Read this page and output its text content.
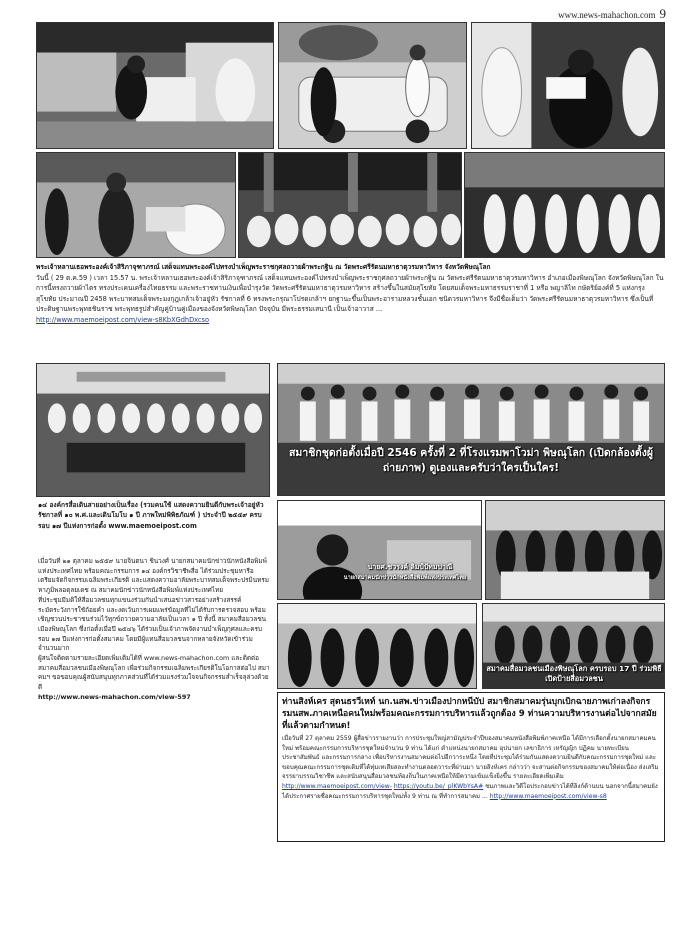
www.news-mahachon.com 9
พระเจ้าหลานเธอพระองค์เจ้าสิริภาจุฑาภรณ์ เสด็จแทนพระองค์ไปทรงบำเพ็ญพระราชกุศลถวายผ้าพระกฐิน ณ วัดพระศรีรัตนมหาธาตุวรมหาวิหาร จังหวัดพิษณุโลก
วันนี้ ( 29 ต.ค.59 ) เวลา 15.57 น. พระเจ้าหลานเธอพระองค์เจ้าสิริภาจุฑาภรณ์ เสด็จแทนพระองค์ไปทรงบำเพ็ญพระราชกุศลถวายผ้าพระกฐิน ณ วัดพระศรีรัตนมหาธาตุวรมหาวิหาร อำเภอเมืองพิษณุโลก จังหวัดพิษณุโลก ในการนี้ทรงถวายผ้าไตร ทรงประเคนเครื่องไทยธรรม และพระราชทานเงินเพื่อบำรุงวัด วัดพระศรีรัตนมหาธาตุวรมหาวิหาร สร้างขึ้นในสมัยสุโขทัย โดยสมเด็จพระมหาธรรมราชาที่ 1 หรือ พญาลิไท กษัตริย์องค์ที่ 5 แห่งกรุงสุโขทัย ประมาณปี 2458 พระบาทสมเด็จพระมงกุฎเกล้าเจ้าอยู่หัว รัชกาลที่ 6 ทรงพระกรุณาโปรดเกล้าฯ ยกฐานะขึ้นเป็นพระอารามหลวงชั้นเอก ชนิดวรมหาวิหาร จึงมีชื่อเต็มว่า วัดพระศรีรัตนมหาธาตุวรมหาวิหาร ซึ่งเป็นที่ประดิษฐานพระพุทธชินราช พระพุทธรูปสำคัญคู่บ้านคู่เมืองของจังหวัดพิษณุโลก ปัจจุบัน มีพระธรรมเสนานี เป็นเจ้าอาวาส ...
http://www.maemoeipost.com/view-s8KbXGdhDxcso
สมาชิกชุดก่อตั้งเมื่อปี 2546 ครั้งที่ 2 ที่โรงแรมพาโวม่า พิษณุโลก (เปิดกล้องตั้งผู้ถ่ายภาพ) ดูเองและครับว่าใครเป็นใคร!
๑๔ องค์กรสื่อเดินสายอย่างเป็นเรื่อง (รวมคนใช้ แสดงความยินดีกับพระเจ้าอยู่หัวรัชกาลที่ ๑๐ พ.ศ.และเดินโมโบ ๑ ปี ภาพใหม่พิพิธภัณฑ์ ) ประจำปี ๒๕๕๙ ครบรอบ ๑๗ ปีแห่งการก่อตั้ง www.maemoeipost.com
เมื่อวันที่ ๒๑ ตุลาคม ๒๕๕๙ นายจินตนา ชินวงศ์ นายกสมาคมนักข่าวนักหนังสือพิมพ์แห่งประเทศไทย พร้อมคณะกรรมการ ๑๔ องค์กรวิชาชีพสื่อ ได้ร่วมประชุมหารือเตรียมจัดกิจกรรมเฉลิมพระเกียรติ และแสดงความอาลัยพระบาทสมเด็จพระปรมินทรมหาภูมิพลอดุลยเดช ณ สมาคมนักข่าวนักหนังสือพิมพ์แห่งประเทศไทย
ที่ประชุมมีมติให้สื่อมวลชนทุกแขนงร่วมกันนำเสนอข่าวสารอย่างสร้างสรรค์ ระมัดระวังการใช้ถ้อยคำ และงดเว้นการเผยแพร่ข้อมูลที่ไม่ได้รับการตรวจสอบ พร้อมเชิญชวนประชาชนร่วมไว้ทุกข์ถวายความอาลัยเป็นเวลา ๑ ปี ทั้งนี้ สมาคมสื่อมวลชนเมืองพิษณุโลก ซึ่งก่อตั้งเมื่อปี ๒๕๔๖ ได้ร่วมเป็นเจ้าภาพจัดงานบำเพ็ญกุศลและครบรอบ ๑๗ ปีแห่งการก่อตั้งสมาคม โดยมีผู้แทนสื่อมวลชนจากหลายจังหวัดเข้าร่วมจำนวนมาก
ผู้สนใจติดตามรายละเอียดเพิ่มเติมได้ที่ www.news-mahachon.com และติดต่อสมาคมสื่อมวลชนเมืองพิษณุโลก เพื่อร่วมกิจกรรมเฉลิมพระเกียรติในโอกาสต่อไป สมาคมฯ ขอขอบคุณผู้สนับสนุนทุกภาคส่วนที่ได้ร่วมแรงร่วมใจจนกิจกรรมสำเร็จลุล่วงด้วยดี
http://www.news-mahachon.com/view-597
นายศ.ชวรงค์ ลิมป์ปัทมปาณี
นายกสมาคมนักข่าวนักหนังสือพิมพ์แห่งประเทศไทย
สมาคมสื่อมวลชนเมืองพิษณุโลก ครบรอบ 17 ปี ร่วมพิธีเปิดป้ายสื่อมวลชน
ท่านสิงห์เคร สุดนธรวีเหท์ นก.นสพ.ข่าวเมืองปากหนีบัป สมาชิกสมาคมรุ่นบุกเบิกฉายภาพเก่าลงกิจกรรมนสพ.ภาคเหนือคนใหม่พร้อมคณะกรรมการบริหารแล้วถูกต้อง 9 ท่านความบริหารงานต่อไปจากสมัยที่แล้วตามกำหนด!
เมื่อวันที่ 27 ตุลาคม 2559 ผู้สื่อข่าวรายงานว่า การประชุมใหญ่สามัญประจำปีของสมาคมหนังสือพิมพ์ภาคเหนือ ได้มีการเลือกตั้งนายกสมาคมคนใหม่ พร้อมคณะกรรมการบริหารชุดใหม่จำนวน 9 ท่าน ได้แก่ ตำแหน่งนายกสมาคม อุปนายก เลขาธิการ เหรัญญิก ปฏิคม นายทะเบียน ประชาสัมพันธ์ และกรรมการกลาง เพื่อบริหารงานสมาคมต่อไปอีกวาระหนึ่ง โดยที่ประชุมได้ร่วมกันแสดงความยินดีกับคณะกรรมการชุดใหม่ และขอบคุณคณะกรรมการชุดเดิมที่ได้ทุ่มเทเสียสละทำงานตลอดวาระที่ผ่านมา นายสิงห์เคร กล่าวว่า จะสานต่อกิจกรรมของสมาคมให้ต่อเนื่อง ส่งเสริมจรรยาบรรณวิชาชีพ และสนับสนุนสื่อมวลชนท้องถิ่นในภาคเหนือให้มีความเข้มแข็งยิ่งขึ้น รายละเอียดเพิ่มเติม http://www.maemoeipost.com/view- https://youtu.be/_plKWbYsA# ชมภาพและวิดีโอประกอบข่าวได้ที่ลิงก์ด้านบน นอกจากนี้สมาคมยังได้ประกาศรายชื่อคณะกรรมการบริหารชุดใหม่ทั้ง 9 ท่าน ณ ที่ทำการสมาคม ... http://www.maemoeipost.com/view-s8
